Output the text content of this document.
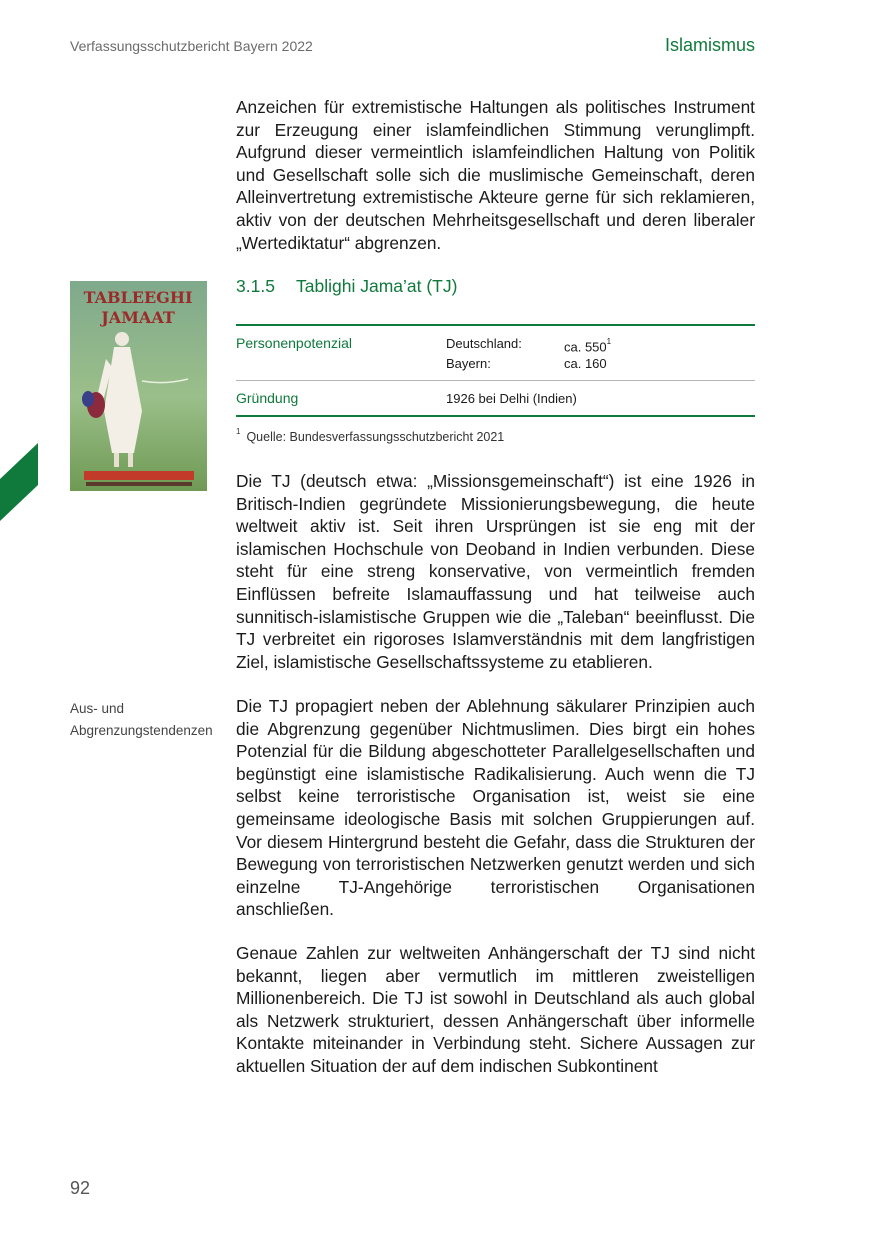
Verfassungsschutzbericht Bayern 2022	Islamismus
TABLEEGHI
JAMAAT
Anzeichen für extremistische Haltungen als politisches Instrument zur Erzeugung einer islamfeindlichen Stimmung verunglimpft. Aufgrund dieser vermeintlich islamfeindlichen Haltung von Politik und Gesellschaft solle sich die muslimische Gemeinschaft, deren Alleinvertretung extremistische Akteure gerne für sich reklamieren, aktiv von der deutschen Mehrheitsgesellschaft und deren liberaler „Wertediktatur“ abgrenzen.
3.1.5 Tablighi Jama’at (TJ)
Personenpotenzial	Deutschland:	ca. $550^1$
Bayern:	ca. 160
Gründung	1926 bei Delhi (Indien)
$^1$ Quelle: Bundesverfassungsschutzbericht 2021
Die TJ (deutsch etwa: „Missionsgemeinschaft“) ist eine 1926 in Britisch-Indien gegründete Missionierungsbewegung, die heute weltweit aktiv ist. Seit ihren Ursprüngen ist sie eng mit der islamischen Hochschule von Deoband in Indien verbunden. Diese steht für eine streng konservative, von vermeintlich fremden Einflüssen befreite Islamauffassung und hat teilweise auch sunnitisch-islamistische Gruppen wie die „Taleban“ beeinflusst. Die TJ verbreitet ein rigoroses Islamverständnis mit dem langfristigen Ziel, islamistische Gesellschaftssysteme zu etablieren.
Aus- und Abgrenzungstendenzen
Die TJ propagiert neben der Ablehnung säkularer Prinzipien auch die Abgrenzung gegenüber Nichtmuslimen. Dies birgt ein hohes Potenzial für die Bildung abgeschotteter Parallelgesellschaften und begünstigt eine islamistische Radikalisierung. Auch wenn die TJ selbst keine terroristische Organisation ist, weist sie eine gemeinsame ideologische Basis mit solchen Gruppierungen auf. Vor diesem Hintergrund besteht die Gefahr, dass die Strukturen der Bewegung von terroristischen Netzwerken genutzt werden und sich einzelne TJ-Angehörige terroristischen Organisationen anschließen.
Genaue Zahlen zur weltweiten Anhängerschaft der TJ sind nicht bekannt, liegen aber vermutlich im mittleren zweistelligen Millionenbereich. Die TJ ist sowohl in Deutschland als auch global als Netzwerk strukturiert, dessen Anhängerschaft über informelle Kontakte miteinander in Verbindung steht. Sichere Aussagen zur aktuellen Situation der auf dem indischen Subkontinent
92
